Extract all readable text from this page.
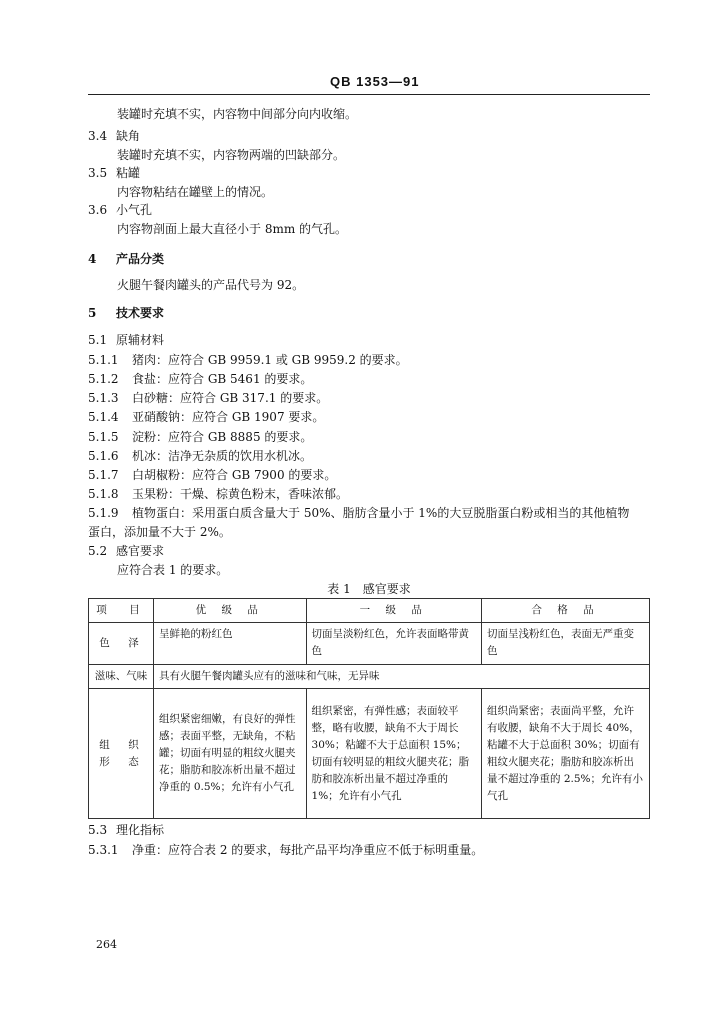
QB 1353—91
装罐时充填不实，内容物中间部分向内收缩。
3.4 缺角
装罐时充填不实，内容物两端的凹缺部分。
3.5 粘罐
内容物粘结在罐壁上的情况。
3.6 小气孔
内容物剖面上最大直径小于 8mm 的气孔。
4 产品分类
火腿午餐肉罐头的产品代号为 92。
5 技术要求
5.1 原辅材料
5.1.1 猪肉：应符合 GB 9959.1 或 GB 9959.2 的要求。
5.1.2 食盐：应符合 GB 5461 的要求。
5.1.3 白砂糖：应符合 GB 317.1 的要求。
5.1.4 亚硝酸钠：应符合 GB 1907 要求。
5.1.5 淀粉：应符合 GB 8885 的要求。
5.1.6 机冰：洁净无杂质的饮用水机冰。
5.1.7 白胡椒粉：应符合 GB 7900 的要求。
5.1.8 玉果粉：干燥、棕黄色粉末，香味浓郁。
5.1.9 植物蛋白：采用蛋白质含量大于 50%、脂肪含量小于 1%的大豆脱脂蛋白粉或相当的其他植物
蛋白，添加量不大于 2%。
5.2 感官要求
应符合表 1 的要求。
表 1　感官要求
项　目	优 级 品	一 级 品	合 格 品
色　泽	呈鲜艳的粉红色	切面呈淡粉红色，允许表面略带黄色	切面呈浅粉红色，表面无严重变色
滋味、气味	具有火腿午餐肉罐头应有的滋味和气味，无异味		
组　织形　态	组织紧密细嫩，有良好的弹性感；表面平整，无缺角，不粘罐；切面有明显的粗纹火腿夹花；脂肪和胶冻析出量不超过净重的 0.5%；允许有小气孔	组织紧密，有弹性感；表面较平整，略有收腰，缺角不大于周长 30%；粘罐不大于总面积 15%；切面有较明显的粗纹火腿夹花；脂肪和胶冻析出量不超过净重的 1%；允许有小气孔	组织尚紧密；表面尚平整，允许有收腰，缺角不大于周长 40%，粘罐不大于总面积 30%；切面有粗纹火腿夹花；脂肪和胶冻析出量不超过净重的 2.5%；允许有小气孔
5.3 理化指标
5.3.1 净重：应符合表 2 的要求，每批产品平均净重应不低于标明重量。
264
